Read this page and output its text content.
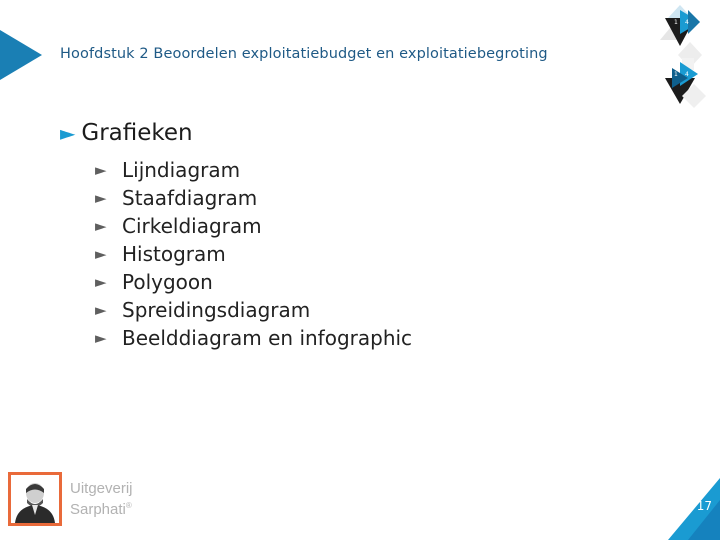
Hoofdstuk 2 Beoordelen exploitatiebudget en exploitatiebegroting
1 4
1 4
► Grafieken
► Lijndiagram
► Staafdiagram
► Cirkeldiagram
► Histogram
► Polygoon
► Spreidingsdiagram
► Beelddiagram en infographic
Uitgeverij
Sarphati®	17
